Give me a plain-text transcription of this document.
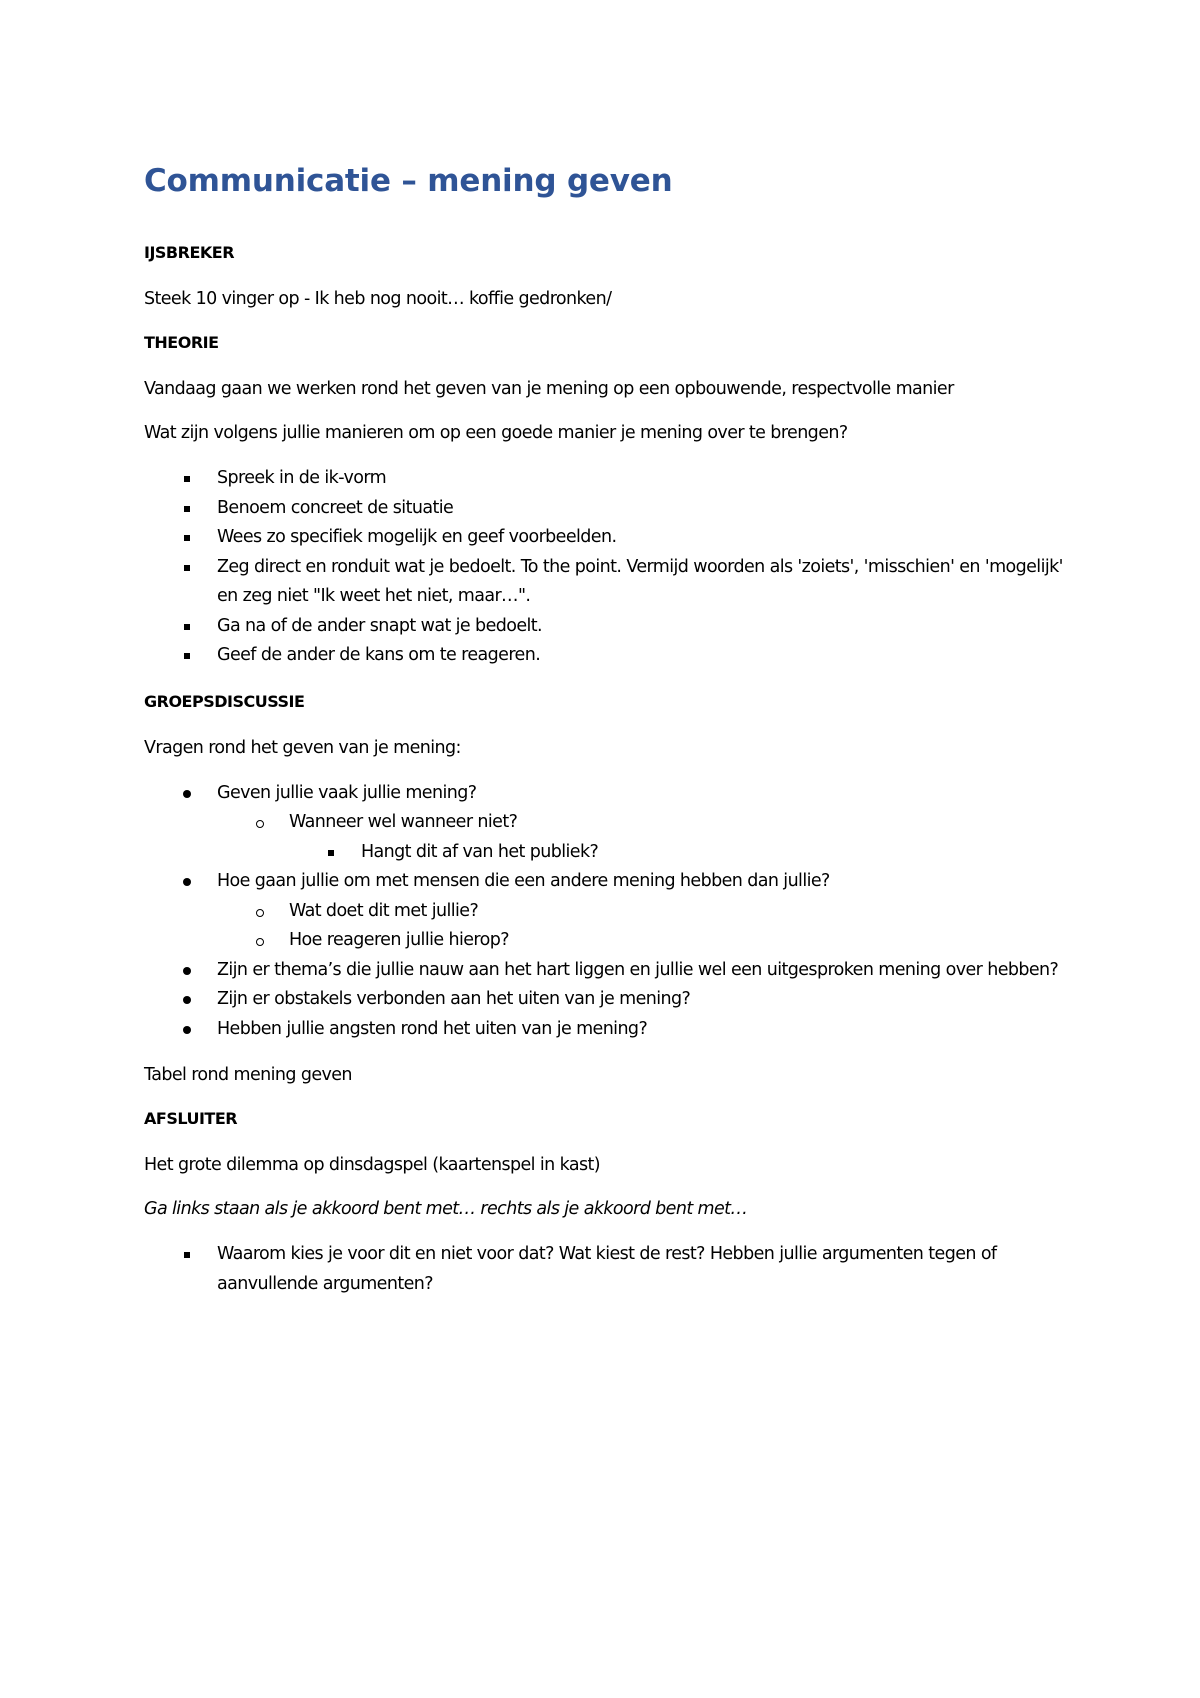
Communicatie – mening geven
IJSBREKER

Steek 10 vinger op - Ik heb nog nooit… koffie gedronken/

THEORIE

Vandaag gaan we werken rond het geven van je mening op een opbouwende, respectvolle manier

Wat zijn volgens jullie manieren om op een goede manier je mening over te brengen?

Spreek in de ik-vorm
Benoem concreet de situatie
Wees zo specifiek mogelijk en geef voorbeelden.
Zeg direct en ronduit wat je bedoelt. To the point. Vermijd woorden als 'zoiets', 'misschien' en 'mogelijk' en zeg niet "Ik weet het niet, maar…".
Ga na of de ander snapt wat je bedoelt.
Geef de ander de kans om te reageren.
GROEPSDISCUSSIE

Vragen rond het geven van je mening:

Geven jullie vaak jullie mening?
Wanneer wel wanneer niet?
Hangt dit af van het publiek?
Hoe gaan jullie om met mensen die een andere mening hebben dan jullie?
Wat doet dit met jullie?
Hoe reageren jullie hierop?
Zijn er thema’s die jullie nauw aan het hart liggen en jullie wel een uitgesproken mening over hebben?
Zijn er obstakels verbonden aan het uiten van je mening?
Hebben jullie angsten rond het uiten van je mening?

Tabel rond mening geven

AFSLUITER

Het grote dilemma op dinsdagspel (kaartenspel in kast)

Ga links staan als je akkoord bent met… rechts als je akkoord bent met…

Waarom kies je voor dit en niet voor dat? Wat kiest de rest? Hebben jullie argumenten tegen of aanvullende argumenten?
